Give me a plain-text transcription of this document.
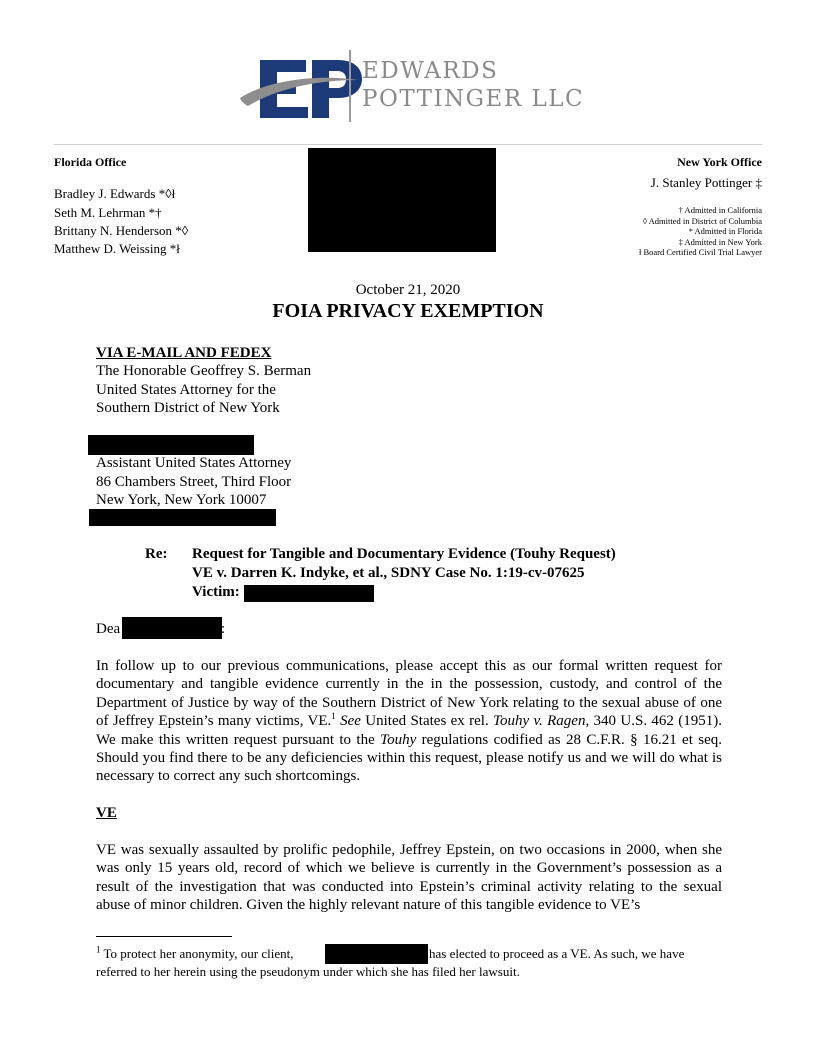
EDWARDS
POTTINGER LLC
Florida Office
Bradley J. Edwards *◊ł
Seth M. Lehrman *†
Brittany N. Henderson *◊
Matthew D. Weissing *ł
New York Office
J. Stanley Pottinger ‡
† Admitted in California
◊ Admitted in District of Columbia
* Admitted in Florida
‡ Admitted in New York
ł Board Certified Civil Trial Lawyer
October 21, 2020
FOIA PRIVACY EXEMPTION
VIA E-MAIL AND FEDEX
The Honorable Geoffrey S. Berman
United States Attorney for the
Southern District of New York
Assistant United States Attorney
86 Chambers Street, Third Floor
New York, New York 10007
Re: Request for Tangible and Documentary Evidence (Touhy Request)
VE v. Darren K. Indyke, et al., SDNY Case No. 1:19-cv-07625
Victim:
Dea	:
In follow up to our previous communications, please accept this as our formal written request for documentary and tangible evidence currently in the in the possession, custody, and control of the Department of Justice by way of the Southern District of New York relating to the sexual abuse of one of Jeffrey Epstein’s many victims, VE.$^1$ See United States ex rel. Touhy v. Ragen, 340 U.S. 462 (1951). We make this written request pursuant to the Touhy regulations codified as 28 C.F.R. § 16.21 et seq. Should you find there to be any deficiencies within this request, please notify us and we will do what is necessary to correct any such shortcomings.
VE
VE was sexually assaulted by prolific pedophile, Jeffrey Epstein, on two occasions in 2000, when she was only 15 years old, record of which we believe is currently in the Government’s possession as a result of the investigation that was conducted into Epstein’s criminal activity relating to the sexual abuse of minor children. Given the highly relevant nature of this tangible evidence to VE’s
$^1$ To protect her anonymity, our client,	has elected to proceed as a VE. As such, we have
referred to her herein using the pseudonym under which she has filed her lawsuit.
